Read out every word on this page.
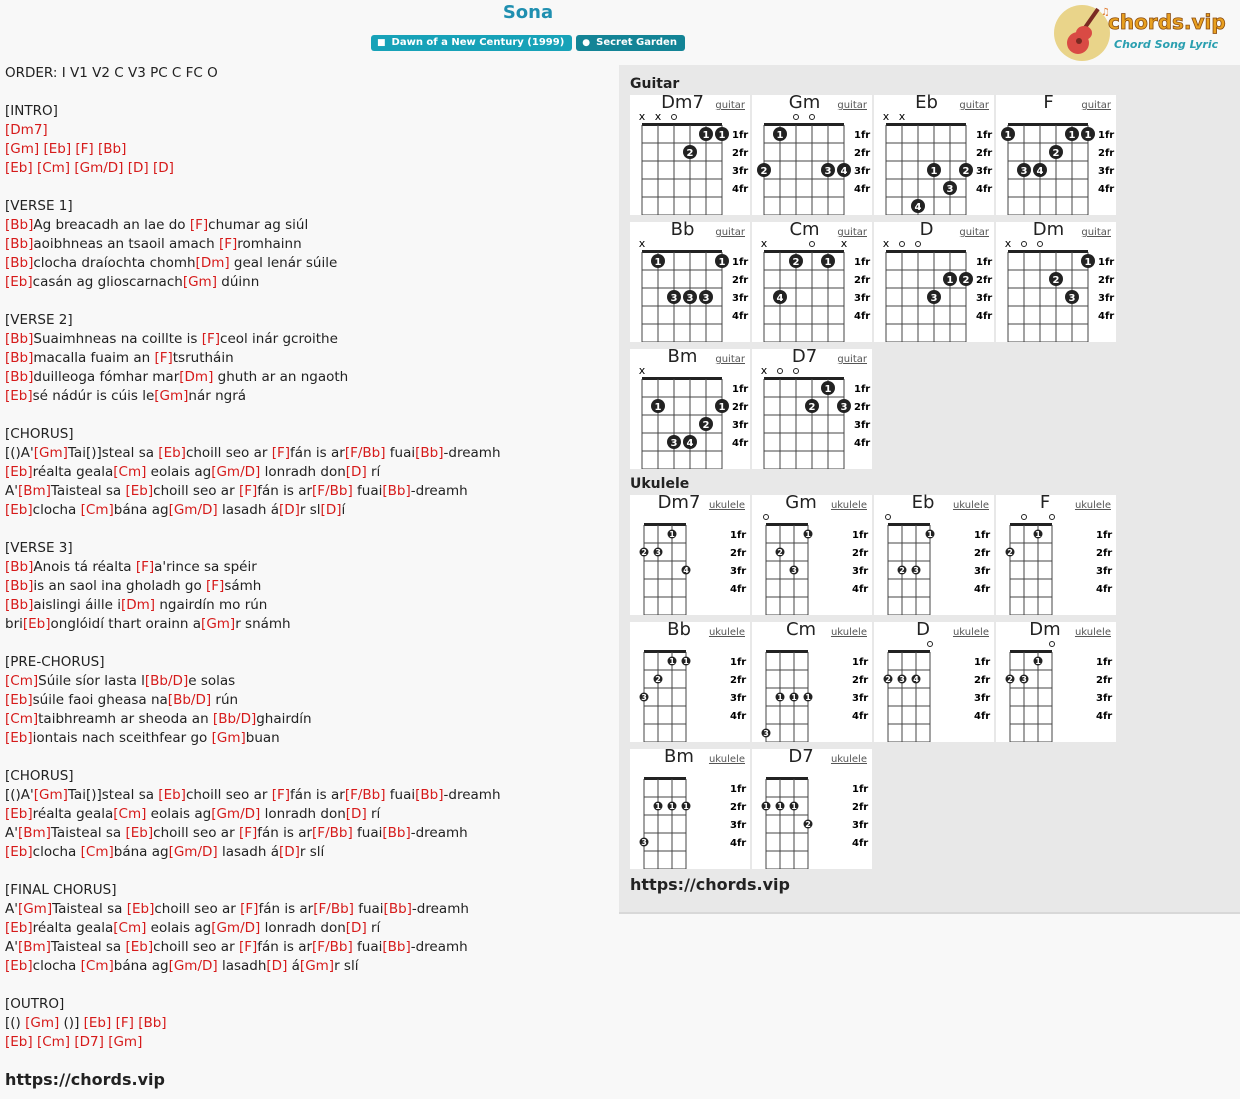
Sona
■ Dawn of a New Century (1999) ● Secret Garden
♫
chords.vip
Chord Song Lyric
ORDER: I V1 V2 C V3 PC C FC O
[INTRO]
[Dm7]
[Gm] [Eb] [F] [Bb]
[Eb] [Cm] [Gm/D] [D] [D]
[VERSE 1]
[Bb]Ag breacadh an lae do [F]chumar ag siúl
[Bb]aoibhneas an tsaoil amach [F]romhainn
[Bb]clocha draíochta chomh[Dm] geal lenár súile
[Eb]casán ag glioscarnach[Gm] dúinn
[VERSE 2]
[Bb]Suaimhneas na coillte is [F]ceol inár gcroithe
[Bb]macalla fuaim an [F]tsrutháin
[Bb]duilleoga fómhar mar[Dm] ghuth ar an ngaoth
[Eb]sé nádúr is cúis le[Gm]nár ngrá
[CHORUS]
[()A'[Gm]Tai[)]steal sa [Eb]choill seo ar [F]fán is ar[F/Bb] fuai[Bb]-dreamh
[Eb]réalta geala[Cm] eolais ag[Gm/D] lonradh don[D] rí
A'[Bm]Taisteal sa [Eb]choill seo ar [F]fán is ar[F/Bb] fuai[Bb]-dreamh
[Eb]clocha [Cm]bána ag[Gm/D] lasadh á[D]r sl[D]í
[VERSE 3]
[Bb]Anois tá réalta [F]a'rince sa spéir
[Bb]is an saol ina gholadh go [F]sámh
[Bb]aislingi áille i[Dm] ngairdín mo rún
bri[Eb]onglóidí thart orainn a[Gm]r snámh
[PRE-CHORUS]
[Cm]Súile síor lasta l[Bb/D]e solas
[Eb]súile faoi gheasa na[Bb/D] rún
[Cm]taibhreamh ar sheoda an [Bb/D]ghairdín
[Eb]iontais nach sceithfear go [Gm]buan
[CHORUS]
[()A'[Gm]Tai[)]steal sa [Eb]choill seo ar [F]fán is ar[F/Bb] fuai[Bb]-dreamh
[Eb]réalta geala[Cm] eolais ag[Gm/D] lonradh don[D] rí
A'[Bm]Taisteal sa [Eb]choill seo ar [F]fán is ar[F/Bb] fuai[Bb]-dreamh
[Eb]clocha [Cm]bána ag[Gm/D] lasadh á[D]r slí
[FINAL CHORUS]
A'[Gm]Taisteal sa [Eb]choill seo ar [F]fán is ar[F/Bb] fuai[Bb]-dreamh
[Eb]réalta geala[Cm] eolais ag[Gm/D] lonradh don[D] rí
A'[Bm]Taisteal sa [Eb]choill seo ar [F]fán is ar[F/Bb] fuai[Bb]-dreamh
[Eb]clocha [Cm]bána ag[Gm/D] lasadh[D] á[Gm]r slí
[OUTRO]
[() [Gm] ()] [Eb] [F] [Bb]
[Eb] [Cm] [D7] [Gm]
https://chords.vip
Guitar
Dm7	guitar
x x
1fr
2fr
3fr
4fr
1 1
2
Gm	guitar
1fr
2fr
3fr
4fr
1
2	3 4
Eb	guitar
x x
1fr
2fr
3fr
4fr
1	2
3
4
F	guitar
1fr
2fr
3fr
4fr
1	1 1
2
3 4
Bb	guitar
x
1fr
2fr
3fr
4fr
1	1
3 3 3
Cm	guitar
x	x
1fr
2fr
3fr
4fr
2	1
4
D	guitar
x
1fr
2fr
3fr
4fr
1 2
3
Dm	guitar
x
1fr
2fr
3fr
4fr
1
2
3
Bm	guitar
x
1fr
2fr
3fr
4fr
1	1
2
3 4
D7	guitar
x
1fr
2fr
3fr
4fr
1
2	3
Ukulele
Dm7 ukulele
1fr
2fr
3fr
4fr
2 3
1
4
Gm	ukulele
1fr
2fr
3fr
4fr
2
3
1
Eb	ukulele
1fr
2fr
3fr
4fr
2 3
1
F	ukulele
1fr
2fr
3fr
4fr
2
1
Bb	ukulele
1fr
2fr
3fr
4fr
3
2
1 1
Cm	ukulele
1fr
2fr
3fr
4fr
3
1 1 1
D	ukulele
1fr
2fr
3fr
4fr
2 3 4
Dm	ukulele
1fr
2fr
3fr
4fr
2 3
1
Bm	ukulele
1fr
2fr
3fr
4fr
3
1 1 1
D7	ukulele
1fr
2fr
3fr
4fr
1 1 1
2
https://chords.vip
